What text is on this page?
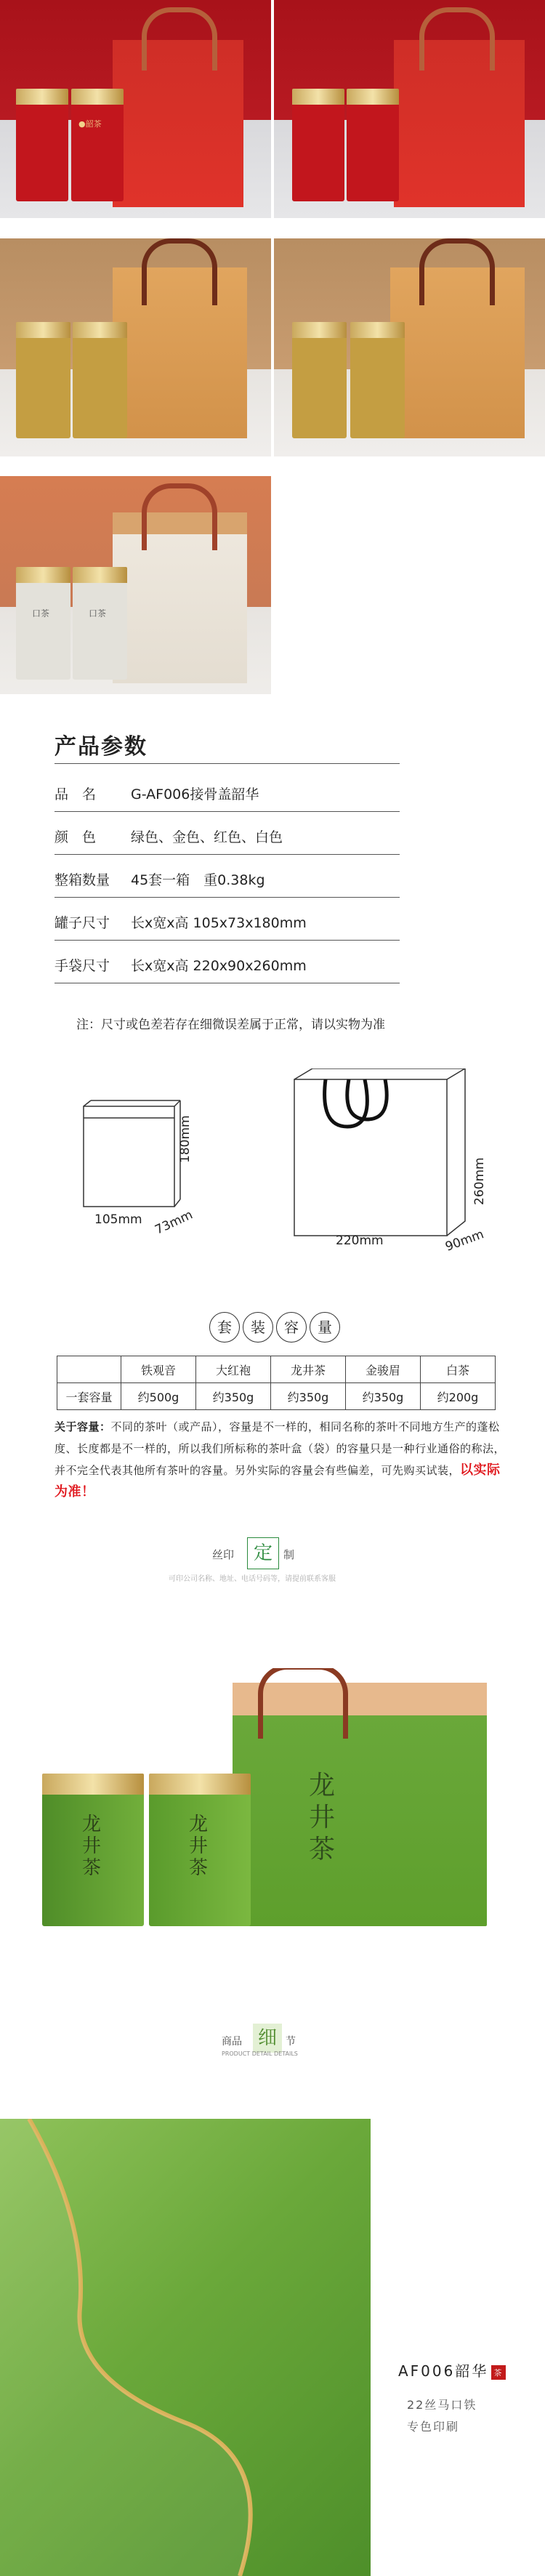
●韶茶
口茶	口茶
产品参数
品　名	G-AF006接骨盖韶华
颜　色	绿色、金色、红色、白色
整箱数量	45套一箱　重0.38kg
罐子尺寸	长x宽x高 105x73x180mm
手袋尺寸	长x宽x高 220x90x260mm
注：尺寸或色差若存在细微误差属于正常，请以实物为准
180mm
105mm 73mm
260mm
220mm	90mm
套	装	容	量
	铁观音	大红袍	龙井茶	金骏眉	白茶
一套容量	约500g	约350g	约350g	约350g	约200g
关于容量：不同的茶叶（或产品），容量是不一样的，相同名称的茶叶不同地方生产的蓬松度、长度都是不一样的，所以我们所标称的茶叶盒（袋）的容量只是一种行业通俗的称法，并不完全代表其他所有茶叶的容量。另外实际的容量会有些偏差，可先购买试装，以实际为准！
丝印	定	制
可印公司名称、地址、电话号码等，请提前联系客服
龙井茶
龙井茶
龙井茶
商品 细 节
PRODUCT DETAIL DETAILS
AF006韶华 茶
22丝马口铁
专色印刷
